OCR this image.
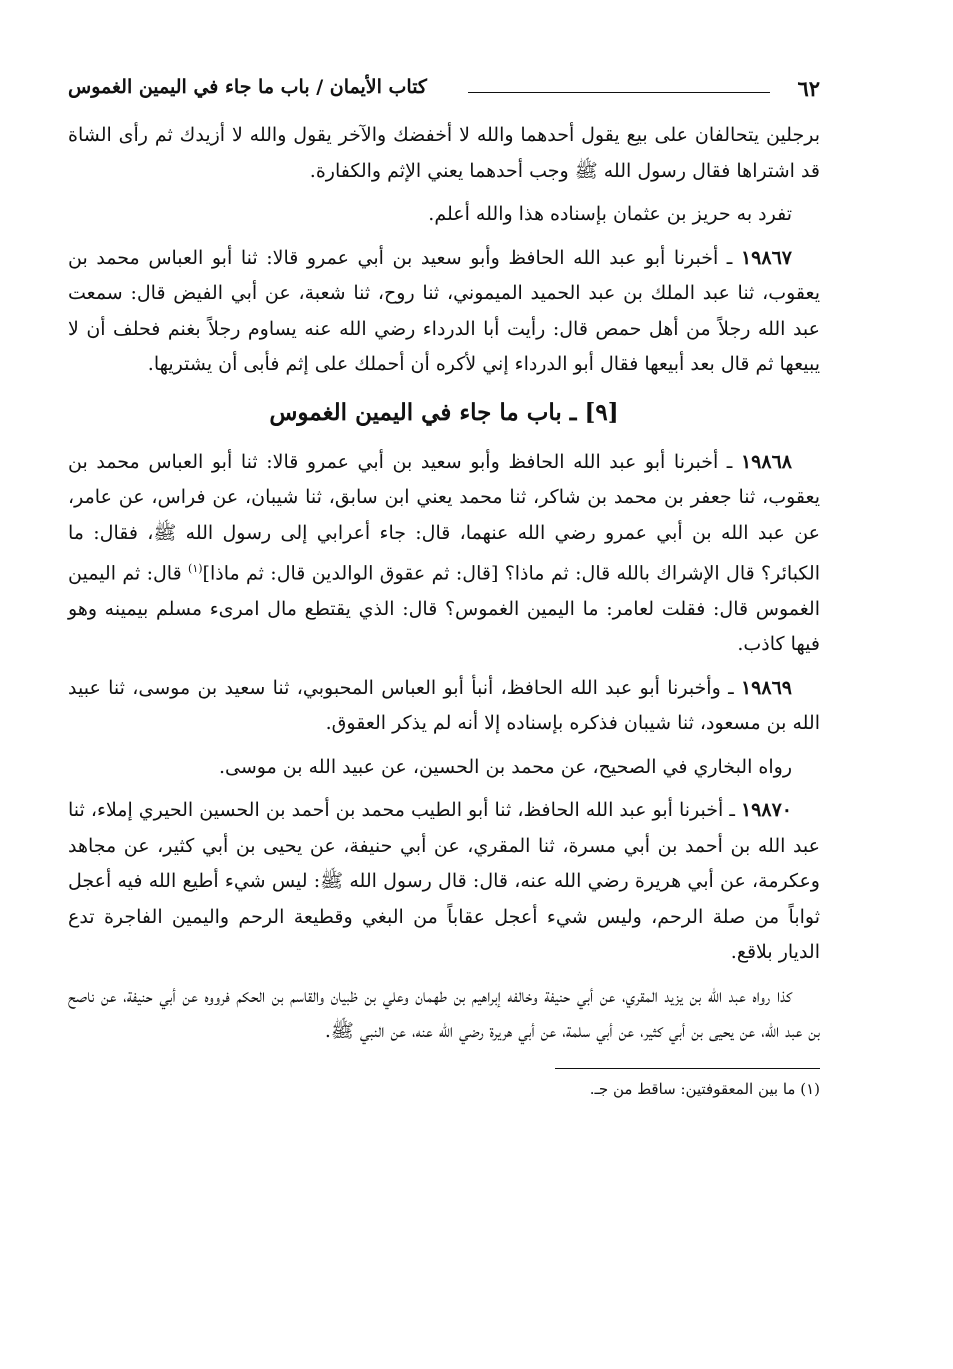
٦٢
كتاب الأيمان / باب ما جاء في اليمين الغموس

برجلين يتحالفان على بيع يقول أحدهما والله لا أخفضك والآخر يقول والله لا أزيدك ثم رأى الشاة قد اشتراها فقال رسول الله ﷺ وجب أحدهما يعني الإثم والكفارة.

تفرد به حريز بن عثمان بإسناده هذا والله أعلم.

١٩٨٦٧ ـ أخبرنا أبو عبد الله الحافظ وأبو سعيد بن أبي عمرو قالا: ثنا أبو العباس محمد بن يعقوب، ثنا عبد الملك بن عبد الحميد الميموني، ثنا روح، ثنا شعبة، عن أبي الفيض قال: سمعت عبد الله رجلاً من أهل حمص قال: رأيت أبا الدرداء رضي الله عنه يساوم رجلاً بغنم فحلف أن لا يبيعها ثم قال بعد أبيعها فقال أبو الدرداء إني لأكره أن أحملك على إثم فأبى أن يشتريها.

[٩] ـ باب ما جاء في اليمين الغموس

١٩٨٦٨ ـ أخبرنا أبو عبد الله الحافظ وأبو سعيد بن أبي عمرو قالا: ثنا أبو العباس محمد بن يعقوب، ثنا جعفر بن محمد بن شاكر، ثنا محمد يعني ابن سابق، ثنا شيبان، عن فراس، عن عامر، عن عبد الله بن أبي عمرو رضي الله عنهما، قال: جاء أعرابي إلى رسول الله ﷺ، فقال: ما الكبائر؟ قال الإشراك بالله قال: ثم ماذا؟ [قال: ثم عقوق الوالدين قال: ثم ماذا]$^{(١)}$ قال: ثم اليمين الغموس قال: فقلت لعامر: ما اليمين الغموس؟ قال: الذي يقتطع مال امرىء مسلم بيمينه وهو فيها كاذب.

١٩٨٦٩ ـ وأخبرنا أبو عبد الله الحافظ، أنبأ أبو العباس المحبوبي، ثنا سعيد بن موسى، ثنا عبيد الله بن مسعود، ثنا شيبان فذكره بإسناده إلا أنه لم يذكر العقوق.

رواه البخاري في الصحيح، عن محمد بن الحسين، عن عبيد الله بن موسى.

١٩٨٧٠ ـ أخبرنا أبو عبد الله الحافظ، ثنا أبو الطيب محمد بن أحمد بن الحسين الحيري إملاء، ثنا عبد الله بن أحمد بن أبي مسرة، ثنا المقري، عن أبي حنيفة، عن يحيى بن أبي كثير، عن مجاهد وعكرمة، عن أبي هريرة رضي الله عنه، قال: قال رسول الله ﷺ: ليس شيء أطيع الله فيه أعجل ثواباً من صلة الرحم، وليس شيء أعجل عقاباً من البغي وقطيعة الرحم واليمين الفاجرة تدع الديار بلاقع.

كذا رواه عبد الله بن يزيد المقري، عن أبي حنيفة وخالفه إبراهيم بن طهمان وعلي بن ظبيان والقاسم بن الحكم فرووه عن أبي حنيفة، عن ناصح بن عبد الله، عن يحيى بن أبي كثير، عن أبي سلمة، عن أبي هريرة رضي الله عنه، عن النبي ﷺ.

(١) ما بين المعقوفتين: ساقط من جـ.
